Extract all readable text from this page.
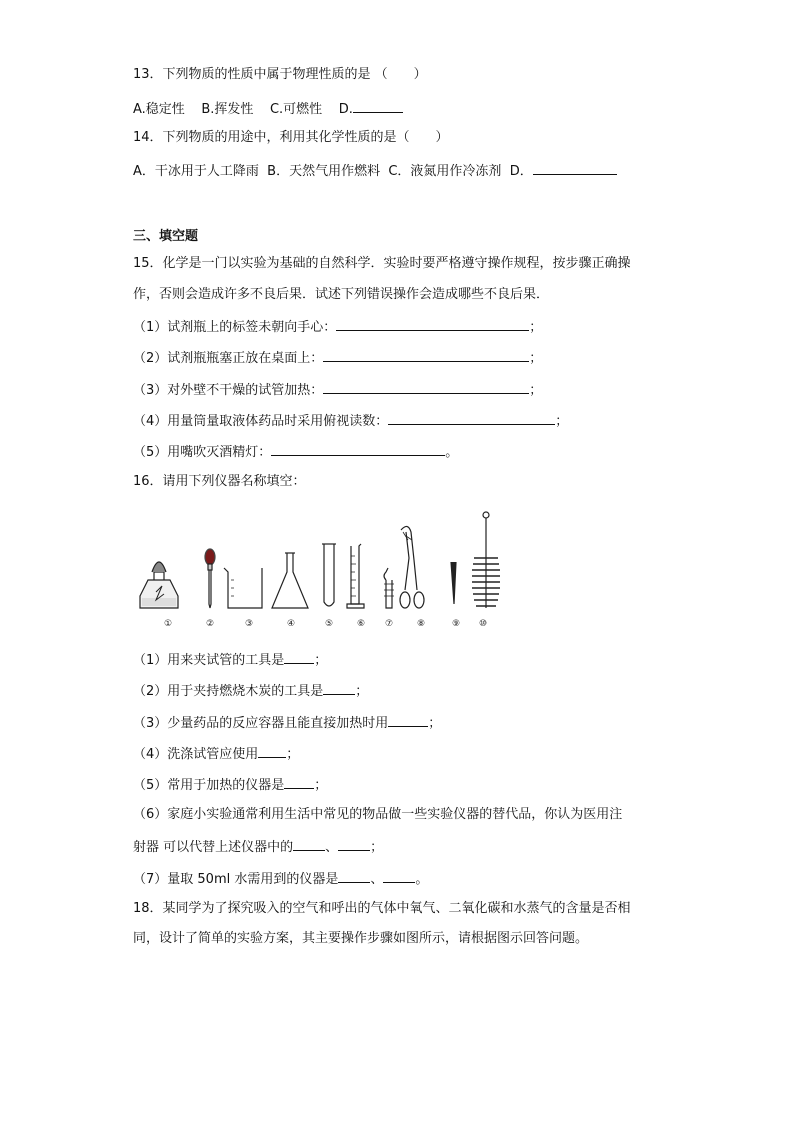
13．下列物质的性质中属于物理性质的是 （　　）
A.稳定性 B.挥发性 C.可燃性 D.
14．下列物质的用途中，利用其化学性质的是（　　）
A．干冰用于人工降雨 B．天然气用作燃料 C．液氮用作冷冻剂 D．
三、填空题
15．化学是一门以实验为基础的自然科学．实验时要严格遵守操作规程，按步骤正确操
作，否则会造成许多不良后果．试述下列错误操作会造成哪些不良后果．
（1）试剂瓶上的标签未朝向手心：	；
（2）试剂瓶瓶塞正放在桌面上：	；
（3）对外壁不干燥的试管加热：	；
（4）用量筒量取液体药品时采用俯视读数：	；
（5）用嘴吹灭酒精灯：	。
16．请用下列仪器名称填空：
①	②	③	④	⑤	⑥ ⑦	⑧	⑨ ⑩
（1）用来夹试管的工具是 ；
（2）用于夹持燃烧木炭的工具是 ；
（3）少量药品的反应容器且能直接加热时用	；
（4）洗涤试管应使用 ；
（5）常用于加热的仪器是 ；
（6）家庭小实验通常利用生活中常见的物品做一些实验仪器的替代品，你认为医用注
射器 可以代替上述仪器中的 、 ；
（7）量取 50ml 水需用到的仪器是 、 。
18．某同学为了探究吸入的空气和呼出的气体中氧气、二氧化碳和水蒸气的含量是否相
同，设计了简单的实验方案，其主要操作步骤如图所示，请根据图示回答问题。
